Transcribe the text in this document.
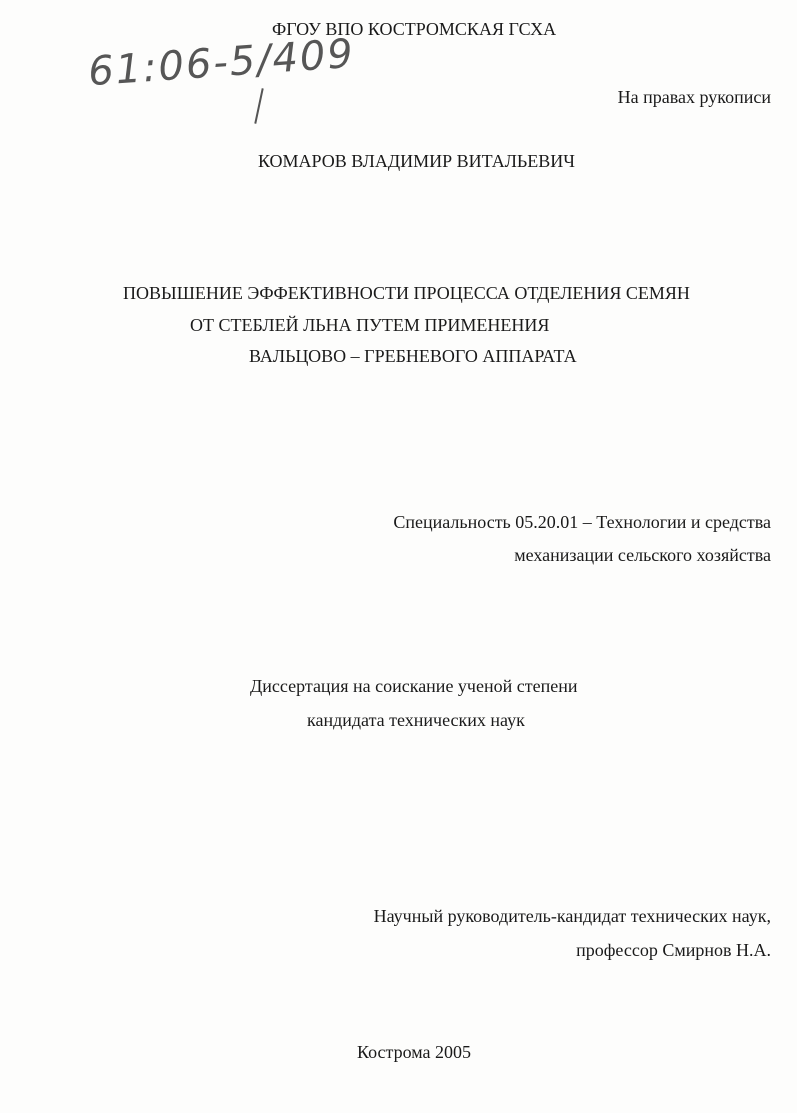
ФГОУ ВПО КОСТРОМСКАЯ ГСХА
61:06-5/409
На правах рукописи
КОМАРОВ ВЛАДИМИР ВИТАЛЬЕВИЧ
ПОВЫШЕНИЕ ЭФФЕКТИВНОСТИ ПРОЦЕССА ОТДЕЛЕНИЯ СЕМЯН
ОТ СТЕБЛЕЙ ЛЬНА ПУТЕМ ПРИМЕНЕНИЯ
ВАЛЬЦОВО – ГРЕБНЕВОГО АППАРАТА
Специальность 05.20.01 – Технологии и средства
механизации сельского хозяйства
Диссертация на соискание ученой степени
кандидата технических наук
Научный руководитель-кандидат технических наук,
профессор Смирнов Н.А.
Кострома 2005
